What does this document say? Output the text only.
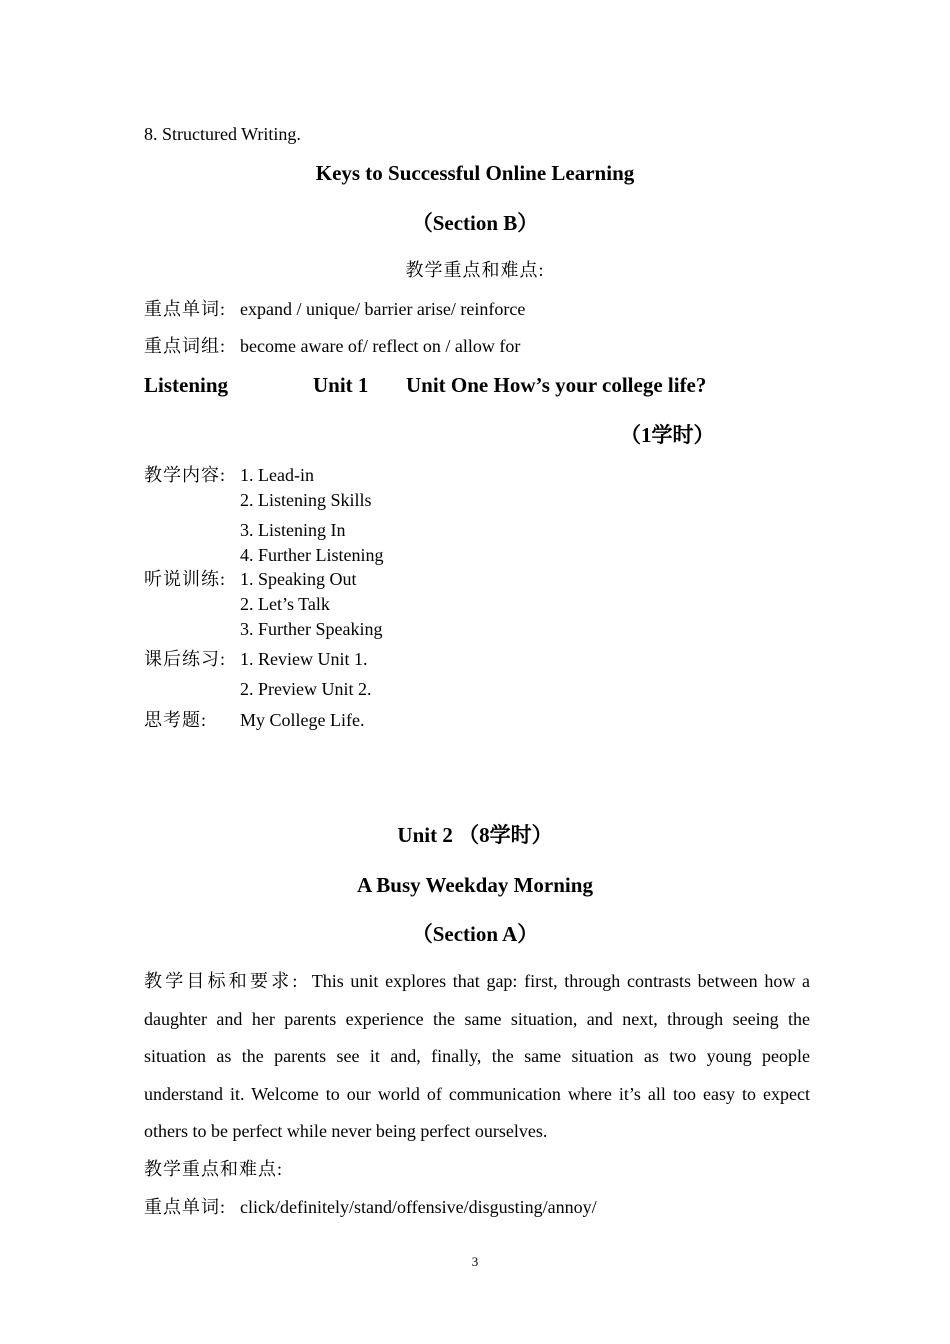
8. Structured Writing.
Keys to Successful Online Learning
（Section B）
教学重点和难点:
重点单词: expand / unique/ barrier arise/ reinforce
重点词组: become aware of/ reflect on / allow for
Listening	Unit 1 Unit One How’s your college life?
（1学时）
教学内容: 1. Lead-in
2. Listening Skills
3. Listening In
4. Further Listening
听说训练: 1. Speaking Out
2. Let’s Talk
3. Further Speaking
课后练习: 1. Review Unit 1.
2. Preview Unit 2.
思考题: My College Life.
Unit 2 （8学时）
A Busy Weekday Morning
（Section A）
教学目标和要求: This unit explores that gap: first, through contrasts between how a daughter and her parents experience the same situation, and next, through seeing the situation as the parents see it and, finally, the same situation as two young people understand it. Welcome to our world of communication where it’s all too easy to expect others to be perfect while never being perfect ourselves.
教学重点和难点:
重点单词: click/definitely/stand/offensive/disgusting/annoy/
3
